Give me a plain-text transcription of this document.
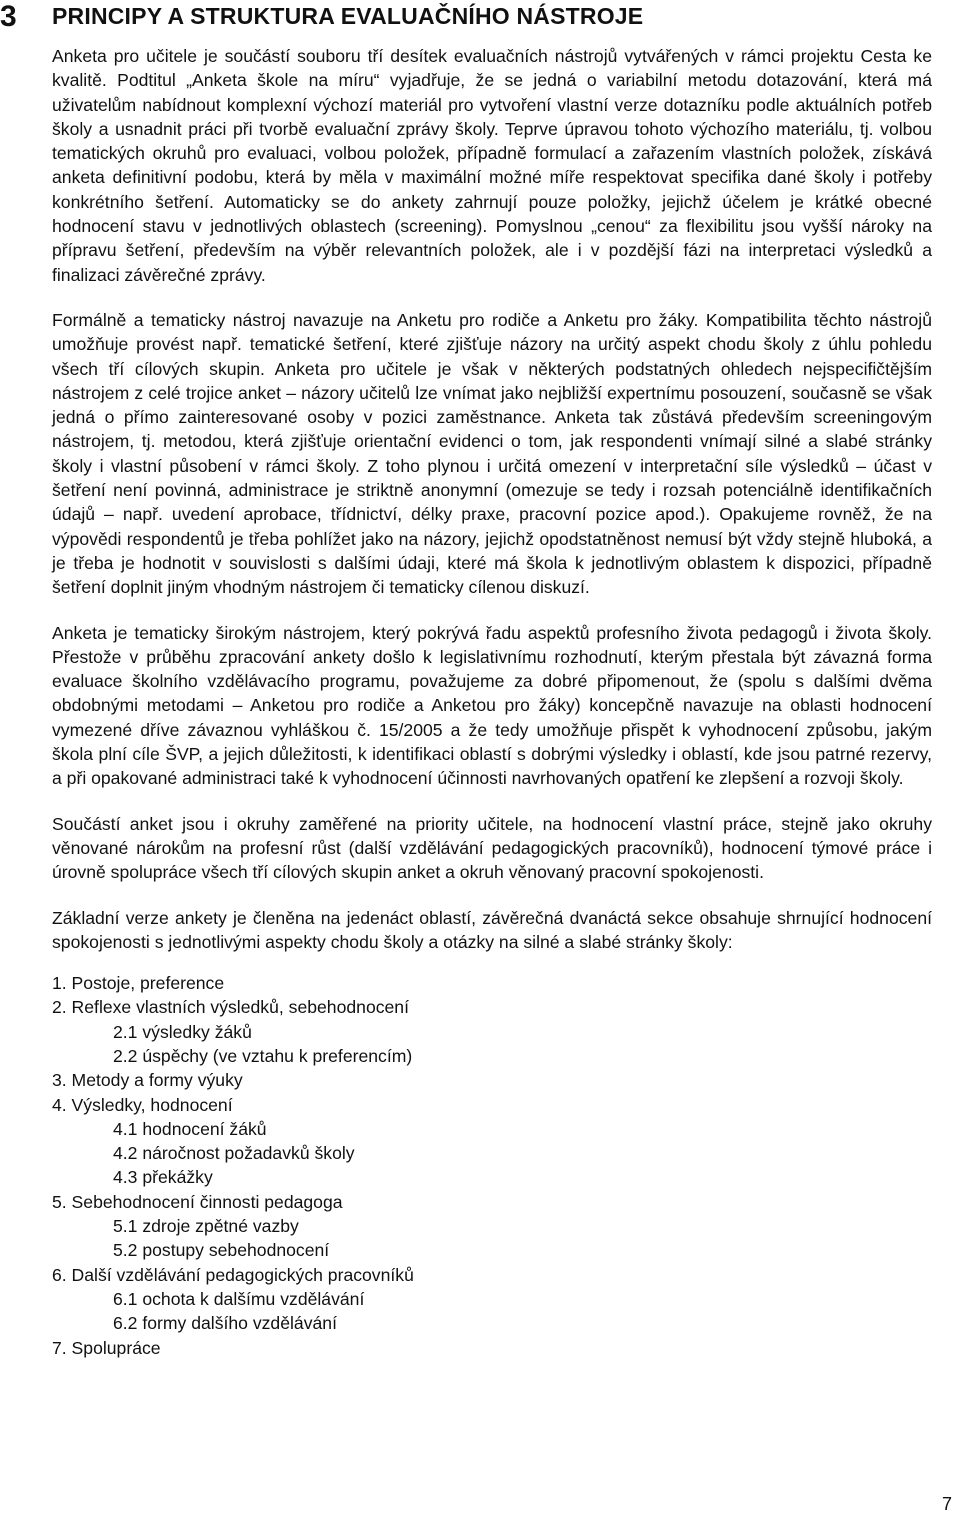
3 PRINCIPY A STRUKTURA EVALUAČNÍHO NÁSTROJE

Anketa pro učitele je součástí souboru tří desítek evaluačních nástrojů vytvářených v rámci projektu Cesta ke kvalitě. Podtitul „Anketa škole na míru“ vyjadřuje, že se jedná o variabilní metodu dotazování, která má uživatelům nabídnout komplexní výchozí materiál pro vytvoření vlastní verze dotazníku podle aktuálních potřeb školy a usnadnit práci při tvorbě evaluační zprávy školy. Teprve úpravou tohoto výchozího materiálu, tj. volbou tematických okruhů pro evaluaci, volbou položek, případně formulací a zařazením vlastních položek, získává anketa definitivní podobu, která by měla v maximální možné míře respektovat specifika dané školy i potřeby konkrétního šetření. Automaticky se do ankety zahrnují pouze položky, jejichž účelem je krátké obecné hodnocení stavu v jednotlivých oblastech (screening). Pomyslnou „cenou“ za flexibilitu jsou vyšší nároky na přípravu šetření, především na výběr relevantních položek, ale i v pozdější fázi na interpretaci výsledků a finalizaci závěrečné zprávy.

Formálně a tematicky nástroj navazuje na Anketu pro rodiče a Anketu pro žáky. Kompatibilita těchto nástrojů umožňuje provést např. tematické šetření, které zjišťuje názory na určitý aspekt chodu školy z úhlu pohledu všech tří cílových skupin. Anketa pro učitele je však v některých podstatných ohledech nejspecifičtějším nástrojem z celé trojice anket – názory učitelů lze vnímat jako nejbližší expertnímu posouzení, současně se však jedná o přímo zainteresované osoby v pozici zaměstnance. Anketa tak zůstává především screeningovým nástrojem, tj. metodou, která zjišťuje orientační evidenci o tom, jak respondenti vnímají silné a slabé stránky školy i vlastní působení v rámci školy. Z toho plynou i určitá omezení v interpretační síle výsledků – účast v šetření není povinná, administrace je striktně anonymní (omezuje se tedy i rozsah potenciálně identifikačních údajů – např. uvedení aprobace, třídnictví, délky praxe, pracovní pozice apod.). Opakujeme rovněž, že na výpovědi respondentů je třeba pohlížet jako na názory, jejichž opodstatněnost nemusí být vždy stejně hluboká, a je třeba je hodnotit v souvislosti s dalšími údaji, které má škola k jednotlivým oblastem k dispozici, případně šetření doplnit jiným vhodným nástrojem či tematicky cílenou diskuzí.

Anketa je tematicky širokým nástrojem, který pokrývá řadu aspektů profesního života pedagogů i života školy. Přestože v průběhu zpracování ankety došlo k legislativnímu rozhodnutí, kterým přestala být závazná forma evaluace školního vzdělávacího programu, považujeme za dobré připomenout, že (spolu s dalšími dvěma obdobnými metodami – Anketou pro rodiče a Anketou pro žáky) koncepčně navazuje na oblasti hodnocení vymezené dříve závaznou vyhláškou č. 15/2005 a že tedy umožňuje přispět k vyhodnocení způsobu, jakým škola plní cíle ŠVP, a jejich důležitosti, k identifikaci oblastí s dobrými výsledky i oblastí, kde jsou patrné rezervy, a při opakované administraci také k vyhodnocení účinnosti navrhovaných opatření ke zlepšení a rozvoji školy.

Součástí anket jsou i okruhy zaměřené na priority učitele, na hodnocení vlastní práce, stejně jako okruhy věnované nárokům na profesní růst (další vzdělávání pedagogických pracovníků), hodnocení týmové práce i úrovně spolupráce všech tří cílových skupin anket a okruh věnovaný pracovní spokojenosti.

Základní verze ankety je členěna na jedenáct oblastí, závěrečná dvanáctá sekce obsahuje shrnující hodnocení spokojenosti s jednotlivými aspekty chodu školy a otázky na silné a slabé stránky školy:

1. Postoje, preference
2. Reflexe vlastních výsledků, sebehodnocení
2.1 výsledky žáků
2.2 úspěchy (ve vztahu k preferencím)
3. Metody a formy výuky
4. Výsledky, hodnocení
4.1 hodnocení žáků
4.2 náročnost požadavků školy
4.3 překážky
5. Sebehodnocení činnosti pedagoga
5.1 zdroje zpětné vazby
5.2 postupy sebehodnocení
6. Další vzdělávání pedagogických pracovníků
6.1 ochota k dalšímu vzdělávání
6.2 formy dalšího vzdělávání
7. Spolupráce
7
